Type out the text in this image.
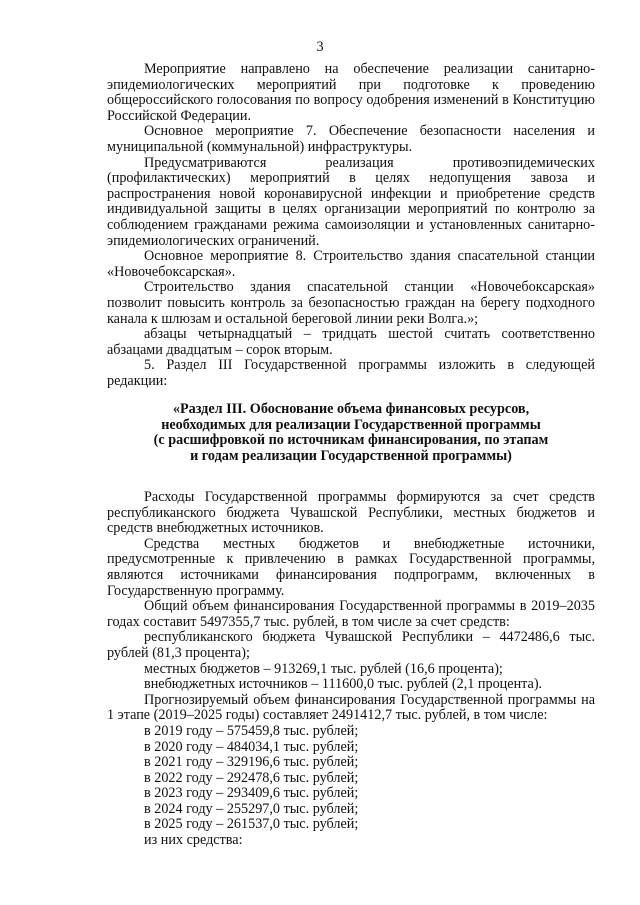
3

Мероприятие направлено на обеспечение реализации санитарно-эпидемиологических мероприятий при подготовке к проведению общероссийского голосования по вопросу одобрения изменений в Конституцию Российской Федерации.

Основное мероприятие 7. Обеспечение безопасности населения и муниципальной (коммунальной) инфраструктуры.

Предусматриваются реализация противоэпидемических (профилактических) мероприятий в целях недопущения завоза и распространения новой коронавирусной инфекции и приобретение средств индивидуальной защиты в целях организации мероприятий по контролю за соблюдением гражданами режима самоизоляции и установленных санитарно-эпидемиологических ограничений.

Основное мероприятие 8. Строительство здания спасательной станции «Новочебоксарская».

Строительство здания спасательной станции «Новочебоксарская» позволит повысить контроль за безопасностью граждан на берегу подходного канала к шлюзам и остальной береговой линии реки Волга.»;

абзацы четырнадцатый – тридцать шестой считать соответственно абзацами двадцатым – сорок вторым.

5. Раздел III Государственной программы изложить в следующей редакции:

«Раздел III. Обоснование объема финансовых ресурсов,
необходимых для реализации Государственной программы
(с расшифровкой по источникам финансирования, по этапам
и годам реализации Государственной программы)

Расходы Государственной программы формируются за счет средств республиканского бюджета Чувашской Республики, местных бюджетов и средств внебюджетных источников.

Средства местных бюджетов и внебюджетные источники, предусмотренные к привлечению в рамках Государственной программы, являются источниками финансирования подпрограмм, включенных в Государственную программу.

Общий объем финансирования Государственной программы в 2019–2035 годах составит 5497355,7 тыс. рублей, в том числе за счет средств:

республиканского бюджета Чувашской Республики – 4472486,6 тыс. рублей (81,3 процента);

местных бюджетов – 913269,1 тыс. рублей (16,6 процента);

внебюджетных источников – 111600,0 тыс. рублей (2,1 процента).

Прогнозируемый объем финансирования Государственной программы на 1 этапе (2019–2025 годы) составляет 2491412,7 тыс. рублей, в том числе:

в 2019 году – 575459,8 тыс. рублей;
в 2020 году – 484034,1 тыс. рублей;
в 2021 году – 329196,6 тыс. рублей;
в 2022 году – 292478,6 тыс. рублей;
в 2023 году – 293409,6 тыс. рублей;
в 2024 году – 255297,0 тыс. рублей;
в 2025 году – 261537,0 тыс. рублей;
из них средства:
